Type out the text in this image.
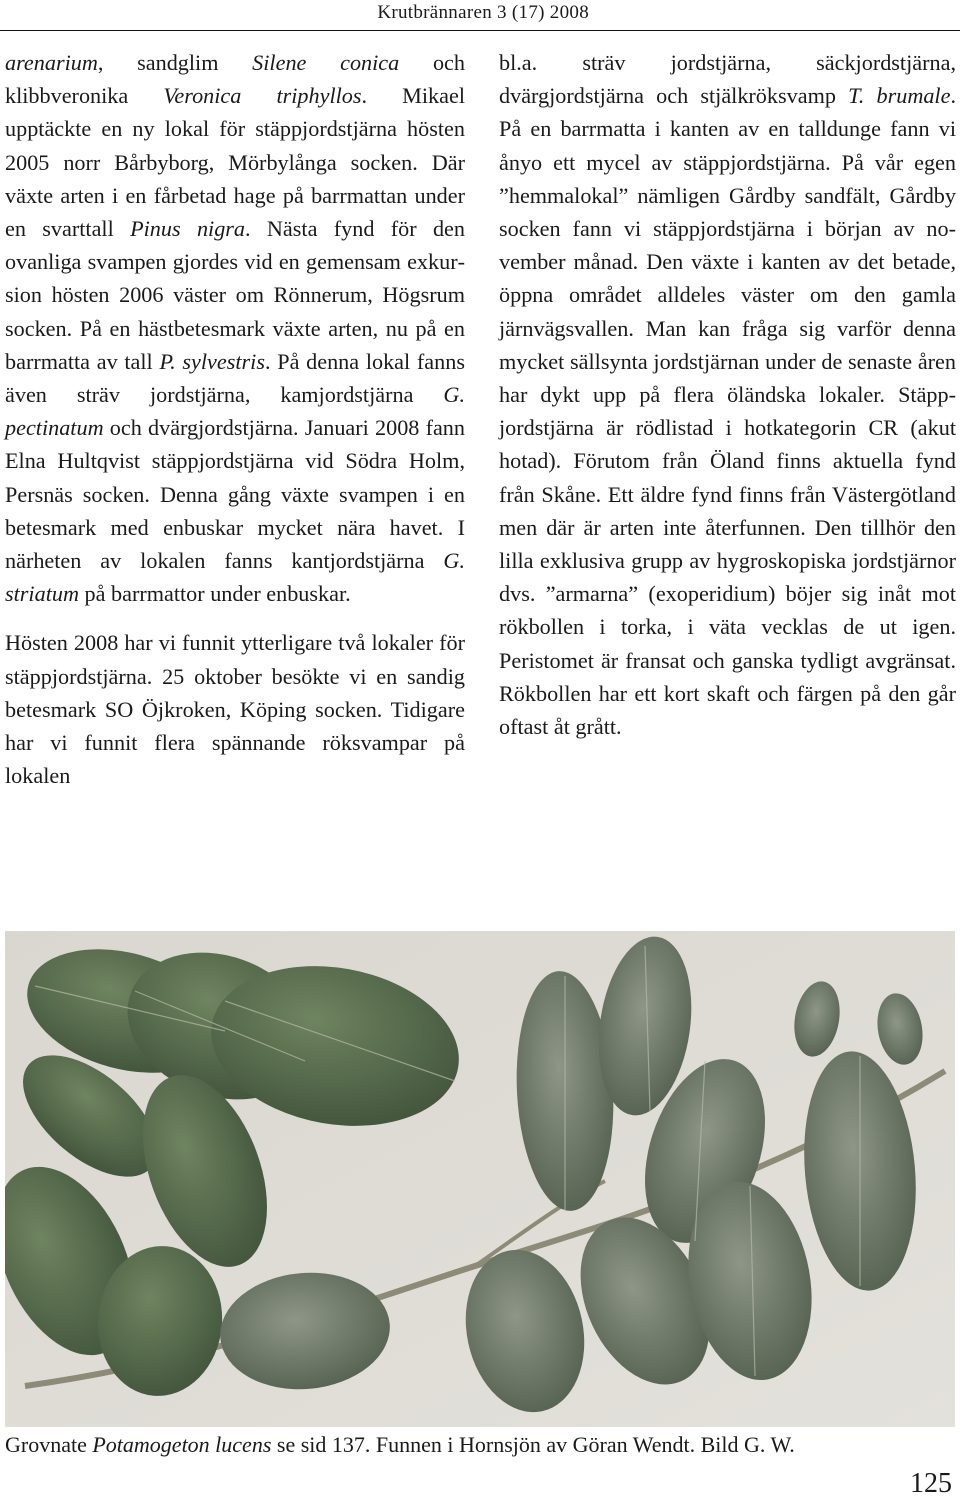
Krutbrännaren 3 (17) 2008

arenarium, sandglim Silene conica och klibbveronika Veronica triphyllos. Mikael upptäckte en ny lokal för stäppjordstjärna hösten 2005 norr Bårbyborg, Mörbylånga socken. Där växte arten i en fårbetad hage på barrmattan under en svarttall Pinus nigra. Nästa fynd för den ovanliga svampen gjordes vid en gemensam exkursion hösten 2006 väster om Rönnerum, Högsrum socken. På en hästbetesmark växte arten, nu på en barrmatta av tall P. sylvestris. På denna lokal fanns även sträv jordstjärna, kamjordstjärna G. pectinatum och dvärgjordstjärna. Januari 2008 fann Elna Hultqvist stäppjordstjärna vid Södra Holm, Persnäs socken. Denna gång växte svampen i en betesmark med enbuskar mycket nära havet. I närheten av lokalen fanns kantjordstjärna G. striatum på barrmattor under enbuskar.

Hösten 2008 har vi funnit ytterligare två lokaler för stäppjordstjärna. 25 oktober besökte vi en sandig betesmark SO Öjkroken, Köping socken. Tidigare har vi funnit flera spännande röksvampar på lokalen

bl.a. sträv jordstjärna, säckjordstjärna, dvärgjordstjärna och stjälkröksvamp T. brumale. På en barrmatta i kanten av en talldunge fann vi ånyo ett mycel av stäppjordstjärna. På vår egen ”hemmalokal” nämligen Gårdby sandfält, Gårdby socken fann vi stäppjordstjärna i början av november månad. Den växte i kanten av det betade, öppna området alldeles väster om den gamla järnvägsvallen. Man kan fråga sig varför denna mycket sällsynta jordstjärnan under de senaste åren har dykt upp på flera öländska lokaler. Stäppjordstjärna är rödlistad i hotkategorin CR (akut hotad). Förutom från Öland finns aktuella fynd från Skåne. Ett äldre fynd finns från Västergötland men där är arten inte återfunnen. Den tillhör den lilla exklusiva grupp av hygroskopiska jordstjärnor dvs. ”armarna” (exoperidium) böjer sig inåt mot rökbollen i torka, i väta vecklas de ut igen. Peristomet är fransat och ganska tydligt avgränsat. Rökbollen har ett kort skaft och färgen på den går oftast åt grått.

Grovnate Potamogeton lucens se sid 137. Funnen i Hornsjön av Göran Wendt. Bild G. W.
125
